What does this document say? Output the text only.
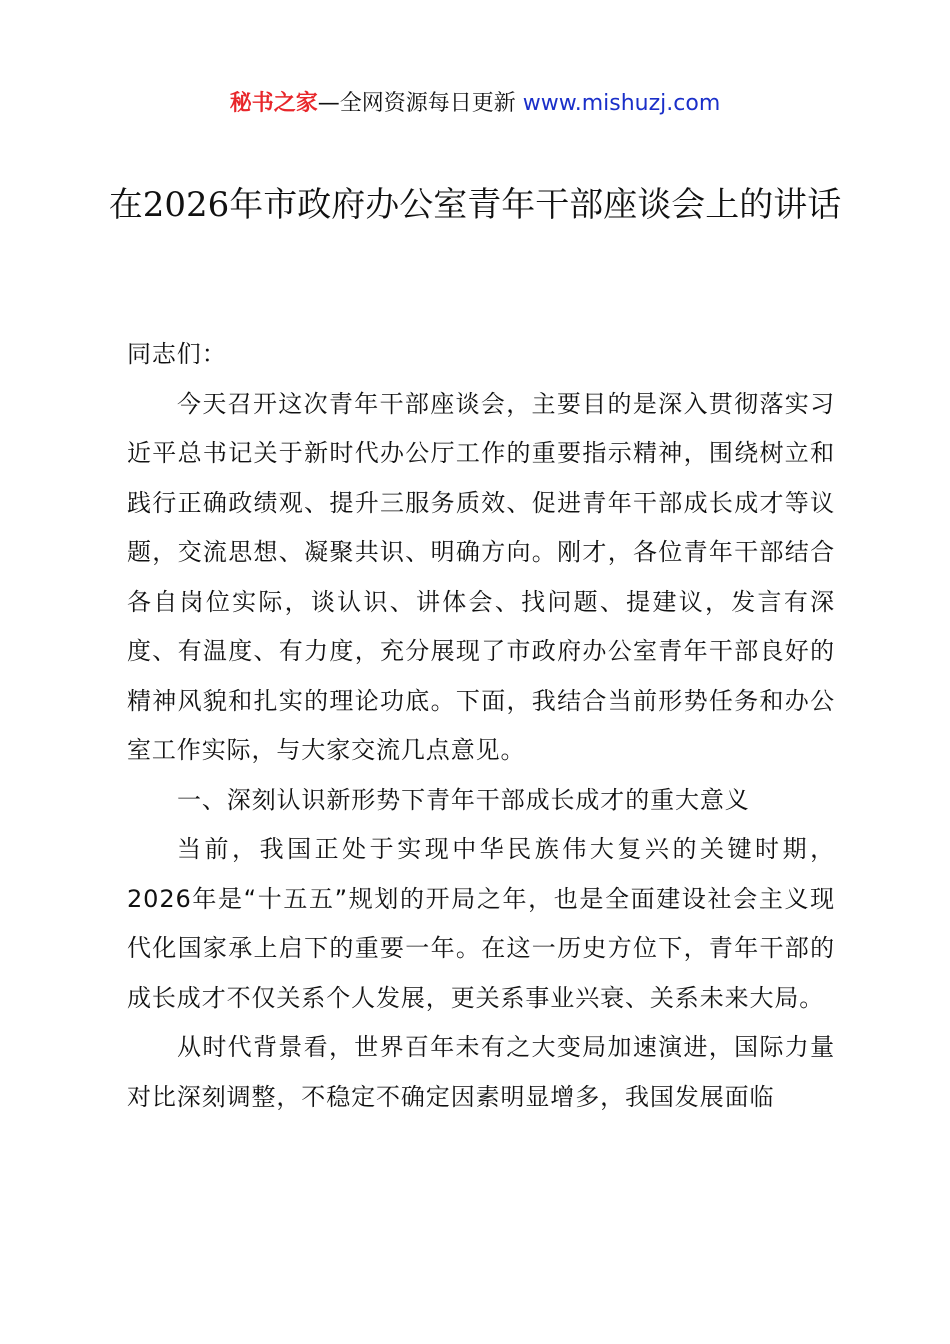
秘书之家—全网资源每日更新 www.mishuzj.com
在2026年市政府办公室青年干部座谈会上的讲话

同志们：

今天召开这次青年干部座谈会，主要目的是深入贯彻落实习近平总书记关于新时代办公厅工作的重要指示精神，围绕树立和践行正确政绩观、提升三服务质效、促进青年干部成长成才等议题，交流思想、凝聚共识、明确方向。刚才，各位青年干部结合各自岗位实际，谈认识、讲体会、找问题、提建议，发言有深度、有温度、有力度，充分展现了市政府办公室青年干部良好的精神风貌和扎实的理论功底。下面，我结合当前形势任务和办公室工作实际，与大家交流几点意见。

一、深刻认识新形势下青年干部成长成才的重大意义

当前，我国正处于实现中华民族伟大复兴的关键时期，2026年是“十五五”规划的开局之年，也是全面建设社会主义现代化国家承上启下的重要一年。在这一历史方位下，青年干部的成长成才不仅关系个人发展，更关系事业兴衰、关系未来大局。

从时代背景看，世界百年未有之大变局加速演进，国际力量对比深刻调整，不稳定不确定因素明显增多，我国发展面临
